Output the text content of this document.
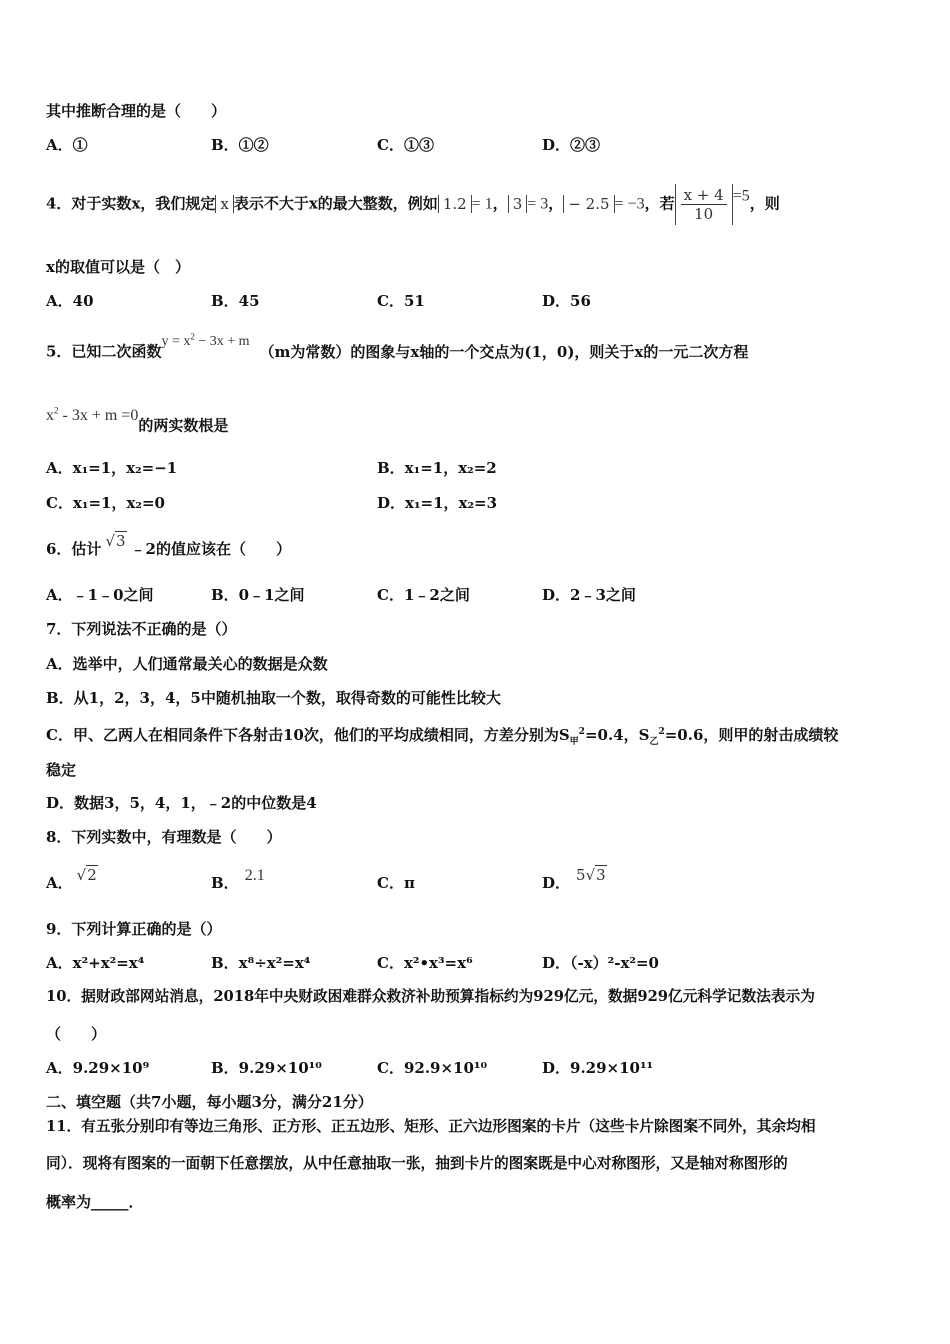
其中推断合理的是（　　）
A．①	B．①②	C．①③	D．②③
4．对于实数x，我们规定 x 表示不大于x的最大整数，例如 1.2 = 1， 3 = 3， − 2.5 = −3，若 $\frac{x + 4}{10} =5$，则
x的取值可以是（　）
A．40	B．45	C．51	D．56
5．已知二次函数$y = x^2 - 3x + m(m$为常数）的图象与x轴的一个交点为(1，0)，则关于x的一元二次方程
$x^2 - 3x + m =0$的两实数根是
A．x₁=1，x₂=−1	B．x₁=1，x₂=2
C．x₁=1，x₂=0	D．x₁=1，x₂=3
6．估计 √3 ﹣2的值应该在（　　）
A．﹣1﹣0之间	B．0﹣1之间	C．1﹣2之间	D．2﹣3之间
7．下列说法不正确的是（）
A．选举中，人们通常最关心的数据是众数
B．从1，2，3，4，5中随机抽取一个数，取得奇数的可能性比较大
C．甲、乙两人在相同条件下各射击10次，他们的平均成绩相同，方差分别为$S_甲^2=0.4$，$S_乙^2=0.6$，则甲的射击成绩较
稳定
D．数据3，5，4，1，﹣2的中位数是4
8．下列实数中，有理数是（　　）
A． √2	B． 2.1	C．π	D． 5√3
9．下列计算正确的是（）
A．x²+x²=x⁴	B．x⁸÷x²=x⁴	C．x²•x³=x⁶	D．（-x）²-x²=0
10．据财政部网站消息，2018年中央财政困难群众救济补助预算指标约为929亿元，数据929亿元科学记数法表示为
（　　）
A．9.29×10⁹	B．9.29×10¹⁰	C．92.9×10¹⁰	D．9.29×10¹¹
二、填空题（共7小题，每小题3分，满分21分）
11．有五张分别印有等边三角形、正方形、正五边形、矩形、正六边形图案的卡片（这些卡片除图案不同外，其余均相
同）．现将有图案的一面朝下任意摆放，从中任意抽取一张，抽到卡片的图案既是中心对称图形，又是轴对称图形的
概率为_____．
